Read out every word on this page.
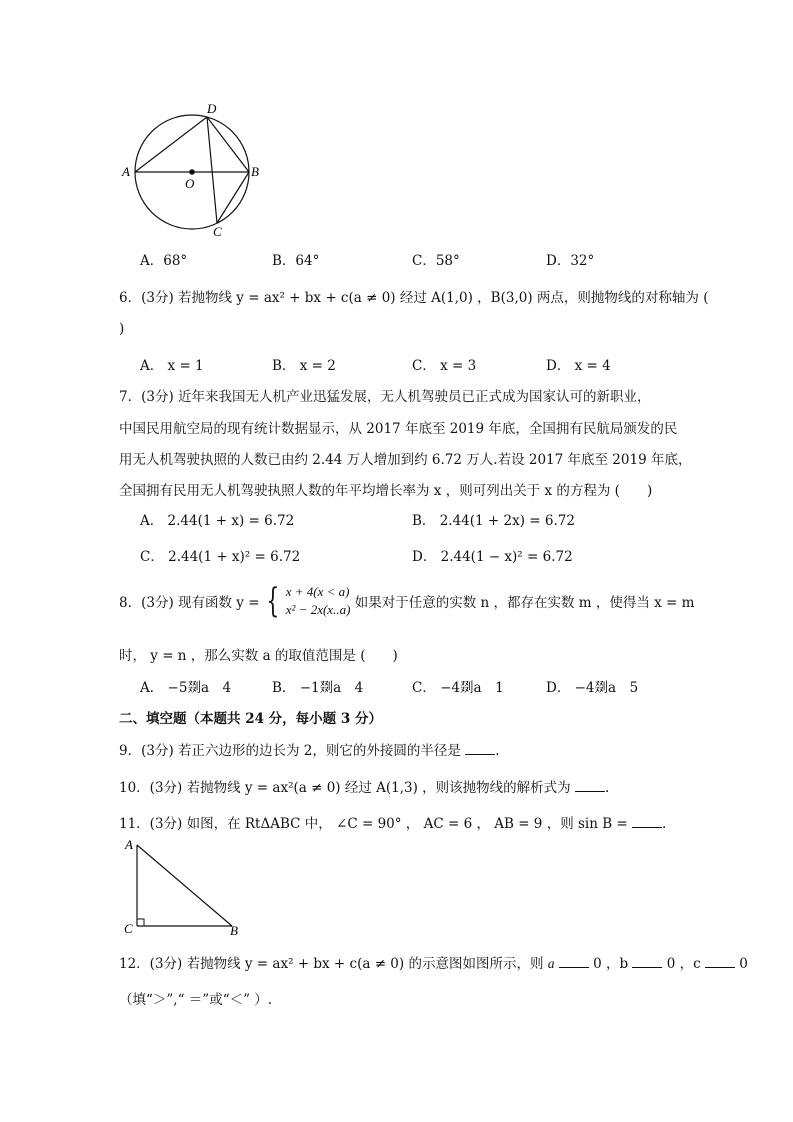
D
A	B
O
C
A．68°	B．64°	C．58°	D．32°
6．(3分) 若抛物线 y = ax² + bx + c(a ≠ 0) 经过 A(1,0) ，B(3,0) 两点，则抛物线的对称轴为 (
)
A． x = 1	B． x = 2	C． x = 3	D． x = 4
7．(3分) 近年来我国无人机产业迅猛发展，无人机驾驶员已正式成为国家认可的新职业，
中国民用航空局的现有统计数据显示，从 2017 年底至 2019 年底，全国拥有民航局颁发的民
用无人机驾驶执照的人数已由约 2.44 万人增加到约 6.72 万人.若设 2017 年底至 2019 年底，
全国拥有民用无人机驾驶执照人数的年平均增长率为 x ，则可列出关于 x 的方程为 (　　)
A． 2.44(1 + x) = 6.72	B． 2.44(1 + 2x) = 6.72
C． 2.44(1 + x)² = 6.72	D． 2.44(1 − x)² = 6.72
8．(3分) 现有函数 y = { x + 4(x < a)
x² − 2x(x..a) 如果对于任意的实数 n ，都存在实数 m ，使得当 x = m
时， y = n ，那么实数 a 的取值范围是 (　　)
A． −5剟a　4	B． −1剟a　4	C． −4剟a　1	D． −4剟a　5
二、填空题（本题共 24 分，每小题 3 分）
9．(3分) 若正六边形的边长为 2，则它的外接圆的半径是	.
10．(3分) 若抛物线 y = ax²(a ≠ 0) 经过 A(1,3) ，则该抛物线的解析式为	.
11．(3分) 如图，在 RtΔABC 中， ∠C = 90° ， AC = 6 ， AB = 9 ，则 sin B =	.
A
C	B
12．(3分) 若抛物线 y = ax² + bx + c(a ≠ 0) 的示意图如图所示，则 a	0 ，b	0 ，c	0
（填“＞”,“ ＝”或“＜” ）.
